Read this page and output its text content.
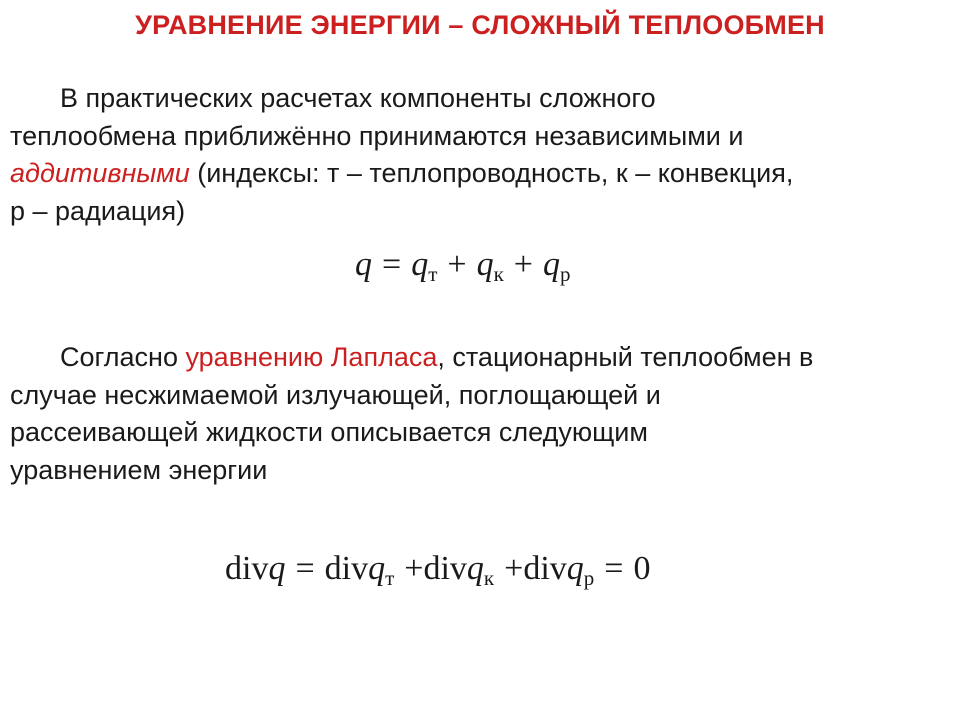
УРАВНЕНИЕ ЭНЕРГИИ – СЛОЖНЫЙ ТЕПЛООБМЕН
В практических расчетах компоненты сложного
теплообмена приближённо принимаются независимыми и
аддитивными (индексы: т – теплопроводность, к – конвекция,
р – радиация)
$q = q_т + q_к + q_р$
Согласно уравнению Лапласа, стационарный теплообмен в
случае несжимаемой излучающей, поглощающей и
рассеивающей жидкости описывается следующим
уравнением энергии
divq = divq$_т$ +divq$_к$ +divq$_р$ = 0
